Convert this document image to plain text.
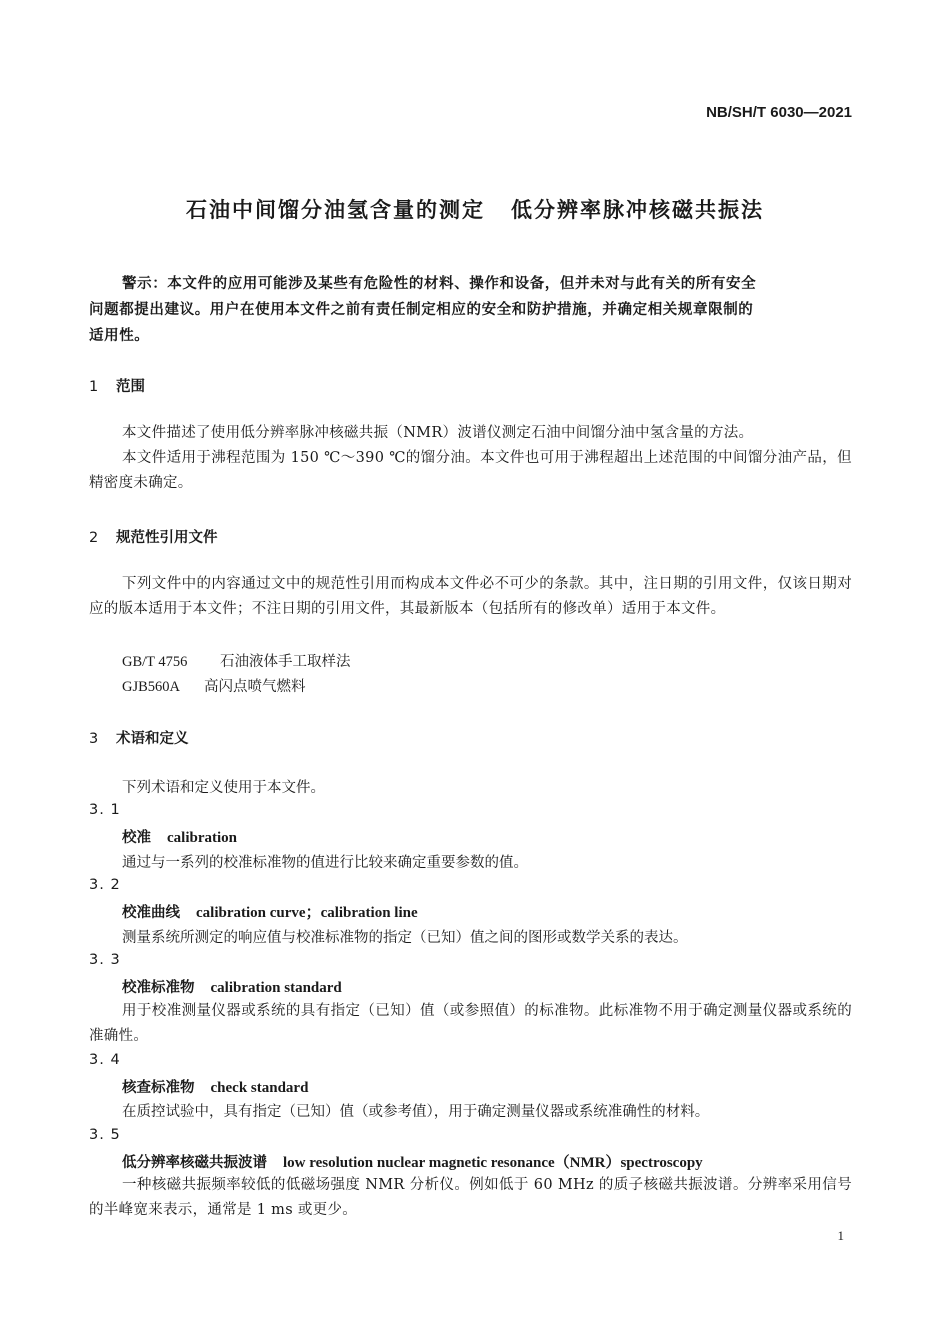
NB/SH/T 6030—2021
石油中间馏分油氢含量的测定 低分辨率脉冲核磁共振法
警示：本文件的应用可能涉及某些有危险性的材料、操作和设备，但并未对与此有关的所有安全
问题都提出建议。用户在使用本文件之前有责任制定相应的安全和防护措施，并确定相关规章限制的
适用性。
1 范围
本文件描述了使用低分辨率脉冲核磁共振（NMR）波谱仪测定石油中间馏分油中氢含量的方法。
本文件适用于沸程范围为 150 ℃～390 ℃的馏分油。本文件也可用于沸程超出上述范围的中间馏分油产品，但精密度未确定。
2 规范性引用文件
下列文件中的内容通过文中的规范性引用而构成本文件必不可少的条款。其中，注日期的引用文件，仅该日期对应的版本适用于本文件；不注日期的引用文件，其最新版本（包括所有的修改单）适用于本文件。
GB/T 4756 石油液体手工取样法
GJB560A 高闪点喷气燃料
3 术语和定义
下列术语和定义使用于本文件。
3. 1
校准 calibration
通过与一系列的校准标准物的值进行比较来确定重要参数的值。
3. 2
校准曲线 calibration curve；calibration line
测量系统所测定的响应值与校准标准物的指定（已知）值之间的图形或数学关系的表达。
3. 3
校准标准物 calibration standard
用于校准测量仪器或系统的具有指定（已知）值（或参照值）的标准物。此标准物不用于确定测量仪器或系统的准确性。
3. 4
核查标准物 check standard
在质控试验中，具有指定（已知）值（或参考值），用于确定测量仪器或系统准确性的材料。
3. 5
低分辨率核磁共振波谱 low resolution nuclear magnetic resonance（NMR）spectroscopy
一种核磁共振频率较低的低磁场强度 NMR 分析仪。例如低于 60 MHz 的质子核磁共振波谱。分辨率采用信号的半峰宽来表示，通常是 1 ms 或更少。
1
